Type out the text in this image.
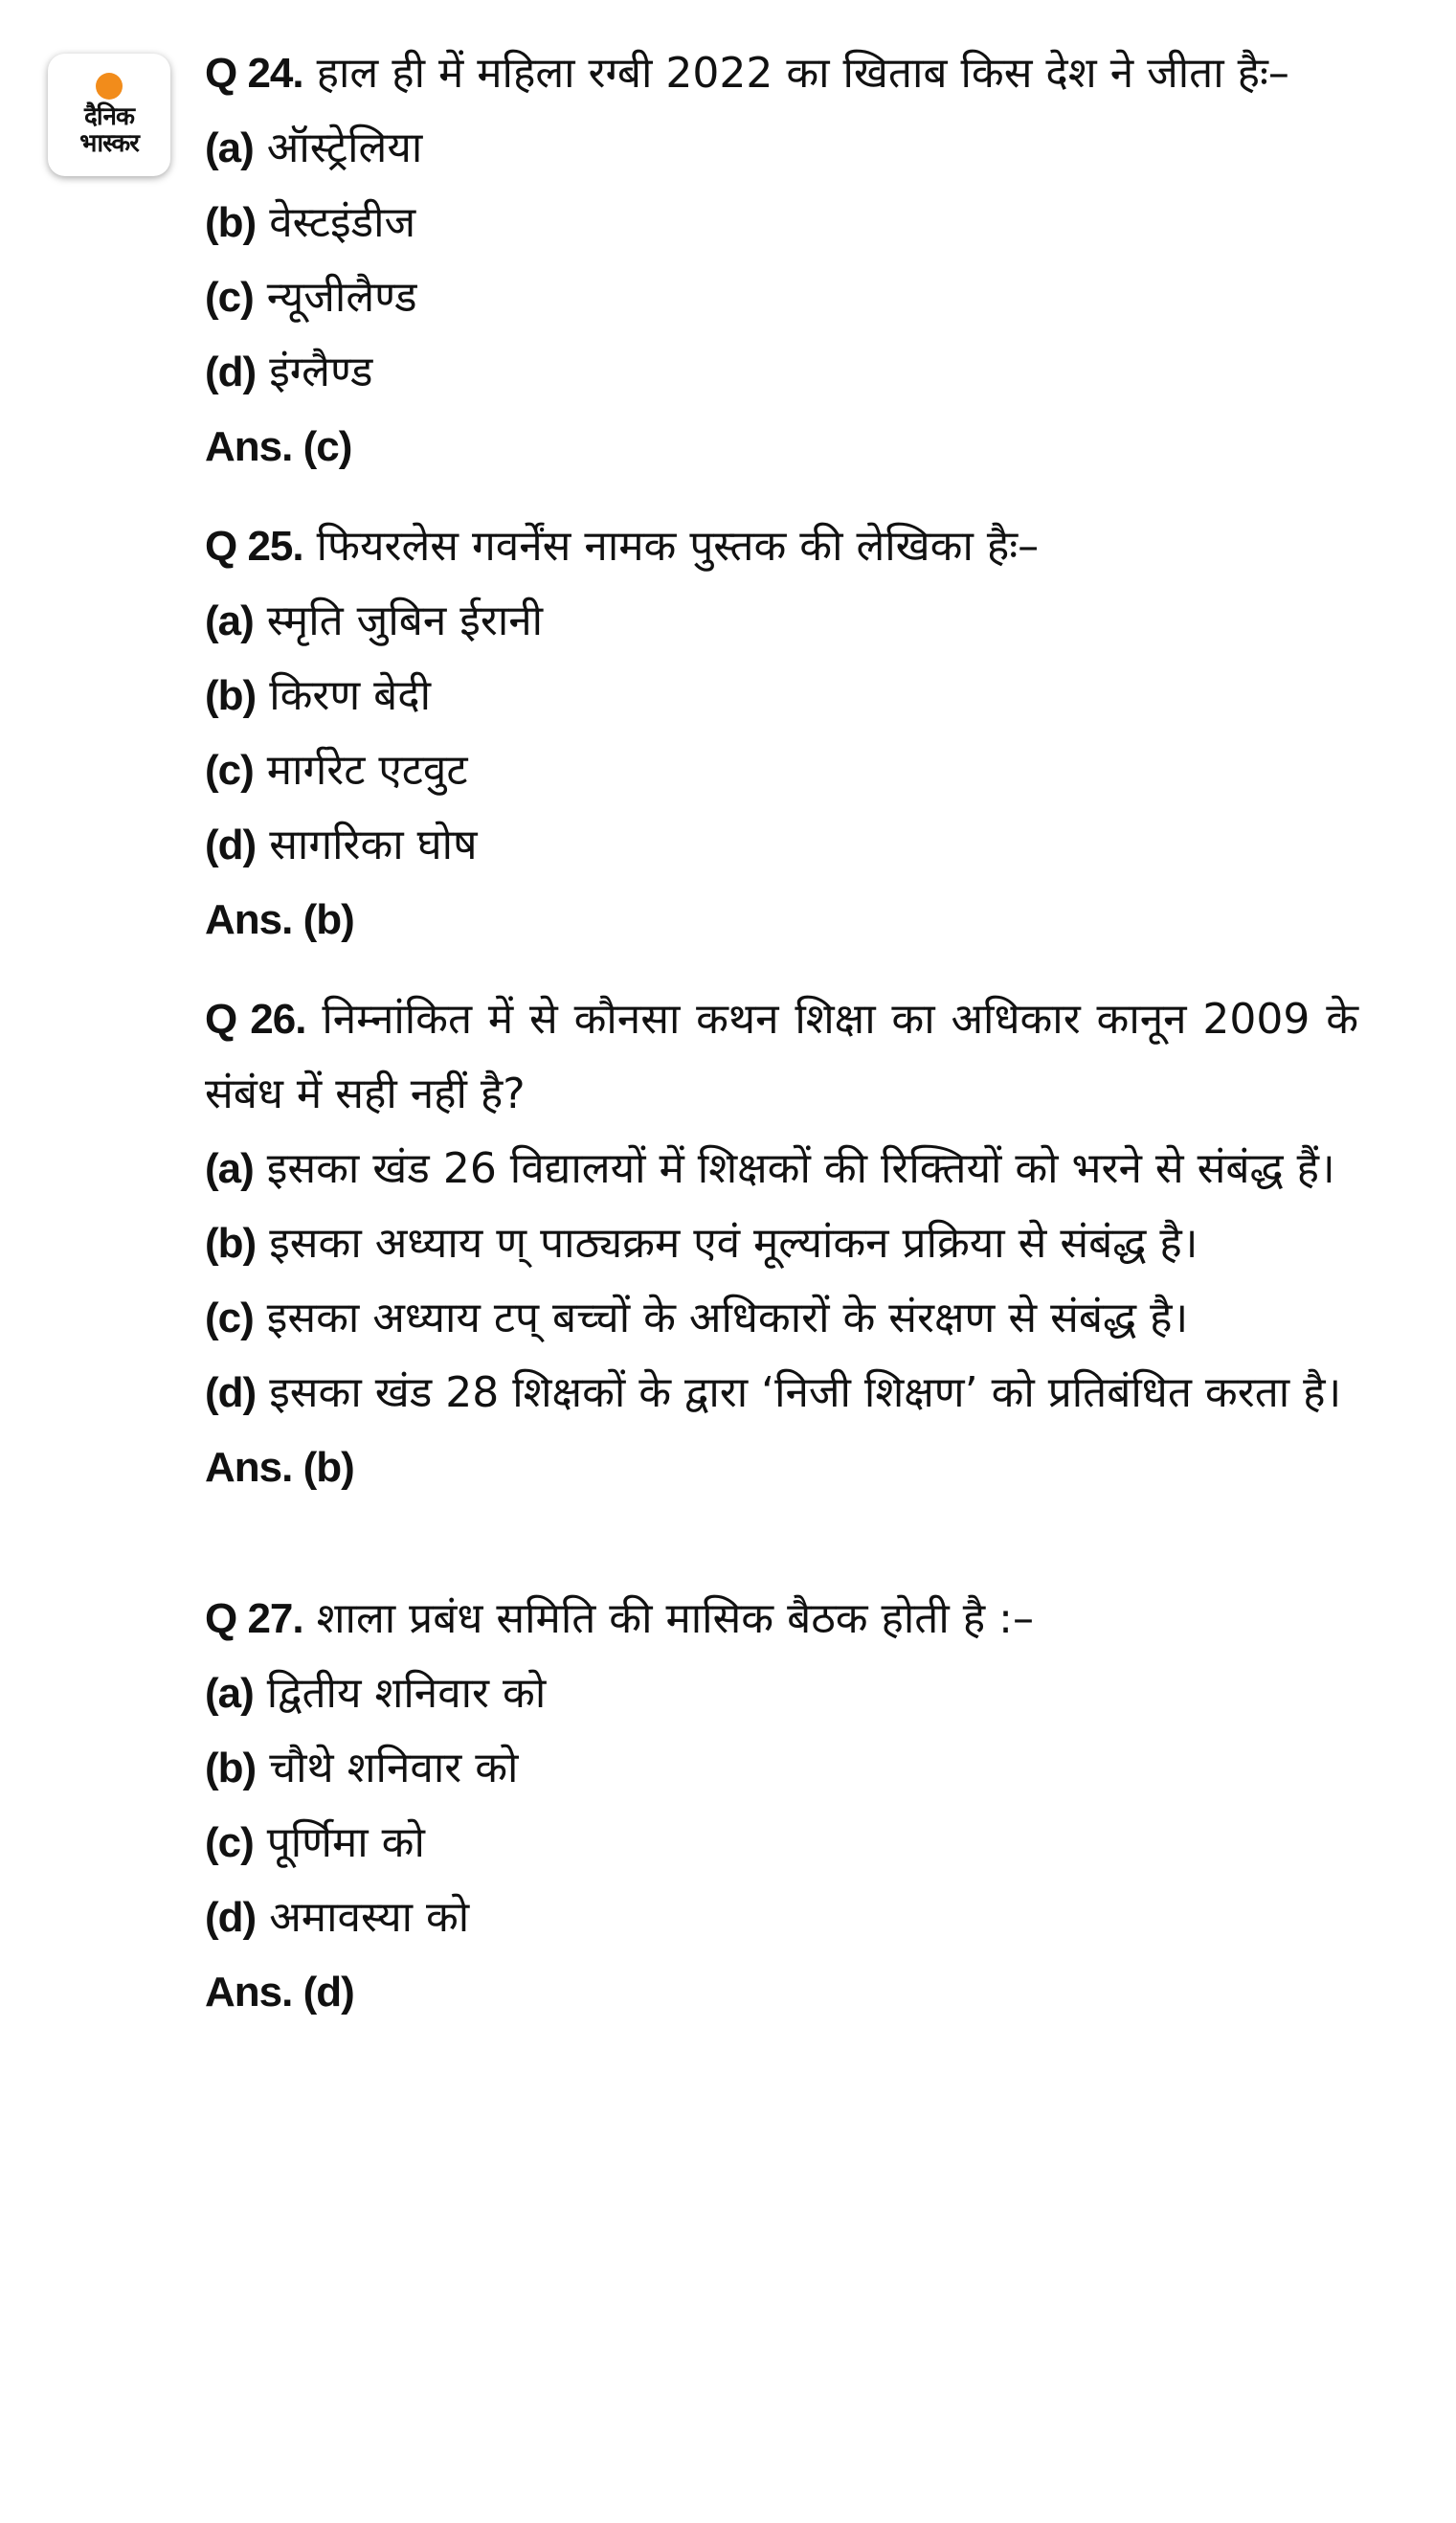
दैनिक
भास्कर
Q 24. हाल ही में महिला रग्बी 2022 का खिताब किस देश ने जीता हैः–
(a) ऑस्ट्रेलिया
(b) वेस्टइंडीज
(c) न्यूजीलैण्ड
(d) इंग्लैण्ड
Ans. (c)
Q 25. फियरलेस गवर्नेंस नामक पुस्तक की लेखिका हैः–
(a) स्मृति जुबिन ईरानी
(b) किरण बेदी
(c) मार्गरेट एटवुट
(d) सागरिका घोष
Ans. (b)
Q 26. निम्नांकित में से कौनसा कथन शिक्षा का अधिकार कानून 2009 के संबंध में सही नहीं है?
(a) इसका खंड 26 विद्यालयों में शिक्षकों की रिक्तियों को भरने से संबंद्ध हैं।
(b) इसका अध्याय ण् पाठ्यक्रम एवं मूल्यांकन प्रक्रिया से संबंद्ध है।
(c) इसका अध्याय टप् बच्चों के अधिकारों के संरक्षण से संबंद्ध है।
(d) इसका खंड 28 शिक्षकों के द्वारा ‘निजी शिक्षण’ को प्रतिबंधित करता है।
Ans. (b)
Q 27. शाला प्रबंध समिति की मासिक बैठक होती है :–
(a) द्वितीय शनिवार को
(b) चौथे शनिवार को
(c) पूर्णिमा को
(d) अमावस्या को
Ans. (d)
